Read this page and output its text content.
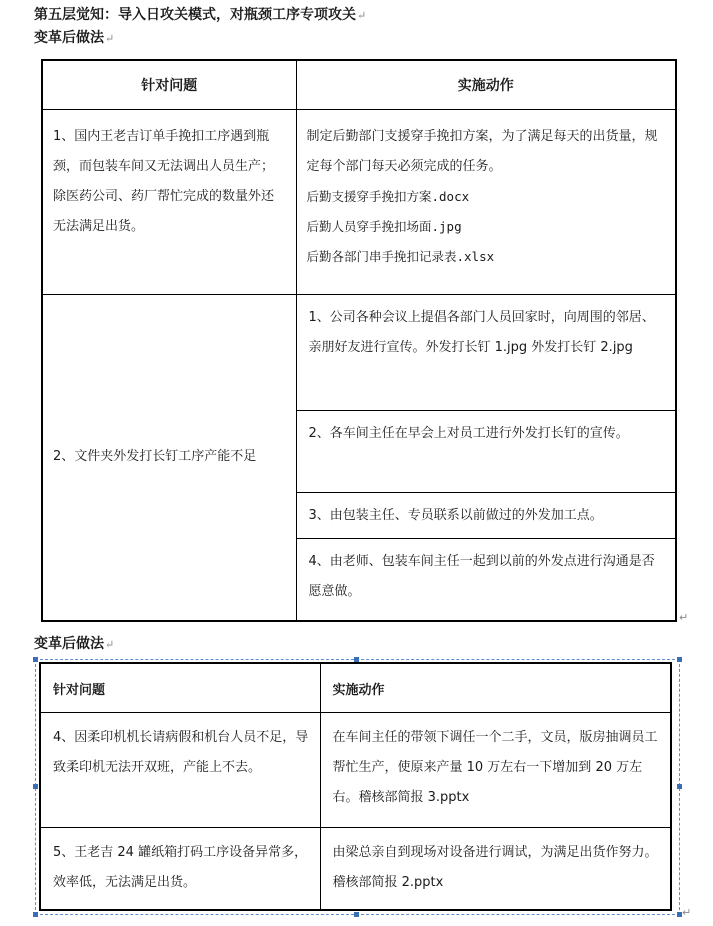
第五层觉知：导入日攻关模式，对瓶颈工序专项攻关↵
变革后做法↵
针对问题	实施动作
1、国内王老吉订单手挽扣工序遇到瓶颈，而包装车间又无法调出人员生产；除医药公司、药厂帮忙完成的数量外还无法满足出货。	制定后勤部门支援穿手挽扣方案，为了满足每天的出货量，规定每个部门每天必须完成的任务。
后勤支援穿手挽扣方案.docx
后勤人员穿手挽扣场面.jpg
后勤各部门串手挽扣记录表.xlsx

2、文件夹外发打长钉工序产能不足	1、公司各种会议上提倡各部门人员回家时，向周围的邻居、亲朋好友进行宣传。外发打长钉 1.jpg 外发打长钉 2.jpg
	2、各车间主任在早会上对员工进行外发打长钉的宣传。
	3、由包装主任、专员联系以前做过的外发加工点。
	4、由老师、包装车间主任一起到以前的外发点进行沟通是否愿意做。
↵
变革后做法↵
针对问题	实施动作
4、因柔印机机长请病假和机台人员不足，导致柔印机无法开双班，产能上不去。	在车间主任的带领下调任一个二手，文员，版房抽调员工帮忙生产，使原来产量 10 万左右一下增加到 20 万左右。稽核部简报 3.pptx
5、王老吉 24 罐纸箱打码工序设备异常多，效率低，无法满足出货。	由梁总亲自到现场对设备进行调试，为满足出货作努力。稽核部简报 2.pptx
↵
